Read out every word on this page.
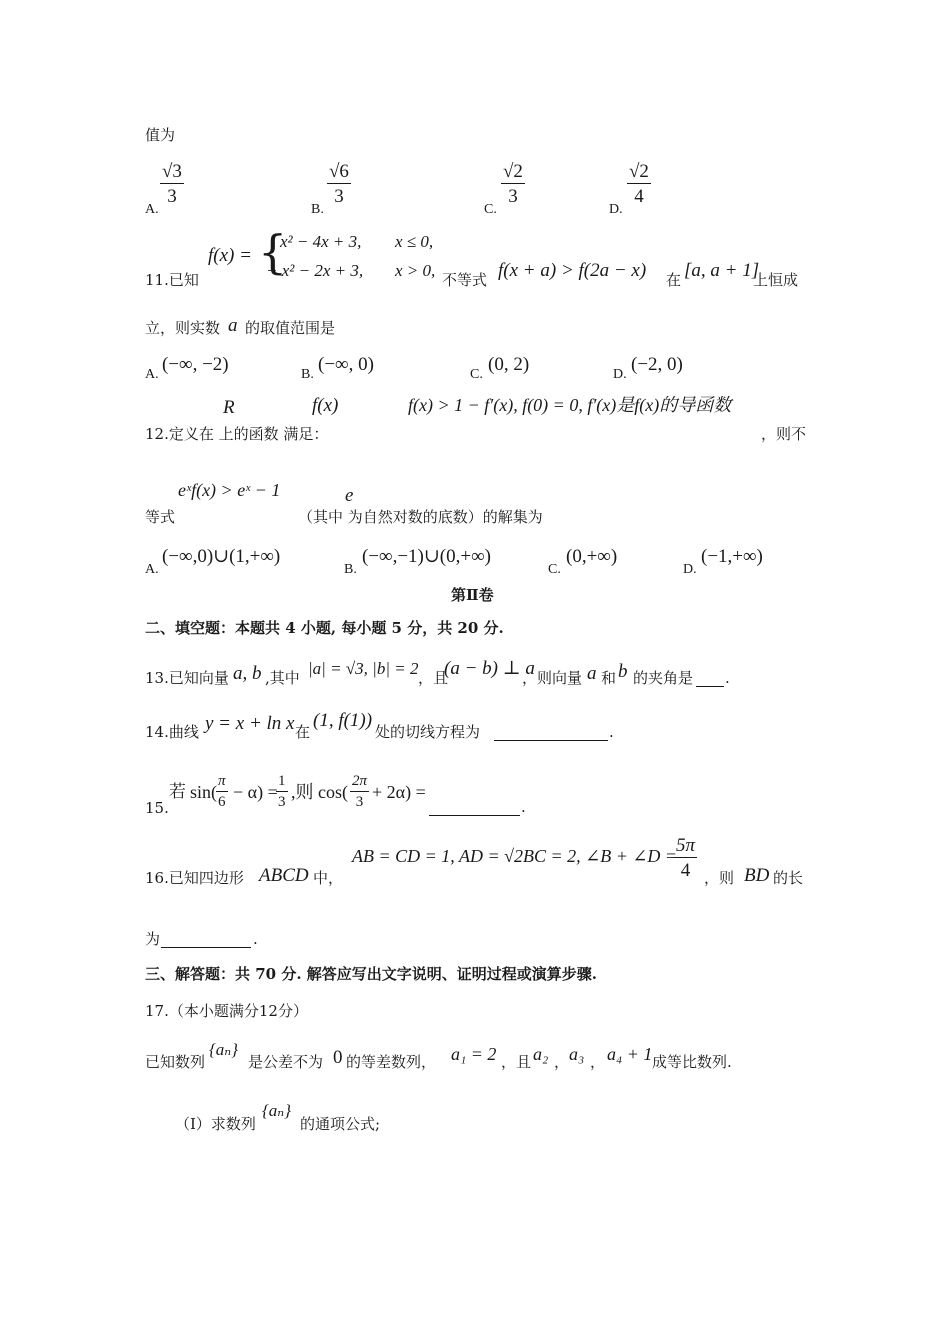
值为
A.
$\frac{√3}{3}$
B.
$\frac{√6}{3}$
C.
$\frac{√2}{3}$
D.
$\frac{√2}{4}$
f(x) = {
x² − 4x + 3, x ≤ 0,
− x² − 2x + 3, x > 0,
11.已知	不等式 f(x + a) > f(2a − x) 在 [a, a + 1]
上恒成
立，则实数 a 的取值范围是
A. (−∞, −2)	B. (−∞, 0)	C. (0, 2)	D. (−2, 0)
R	f(x)	f(x) > 1 − f′(x), f(0) = 0, f′(x)是f(x)的导函数
12.定义在 上的函数 满足：	，则不
eˣf(x) > eˣ − 1	e
等式	（其中 为自然对数的底数）的解集为
A.
(−∞,0)∪(1,+∞)
B.
(−∞,−1)∪(0,+∞)
C.
(0,+∞)
D.
(−1,+∞)
第Ⅱ卷
二、填空题：本题共 4 小题, 每小题 5 分，共 20 分.
13.已知向量 a, b ,其中 |a| = √3, |b| = 2 ，且
(a − b) ⊥ a
，则向量 a 和 b 的夹角是 .
14.曲线 y = x + ln x 在
(1, f(1))
处的切线方程为	.
15.
若 $\sin( \frac{\pi}{6} - \alpha)$ =
$\frac{1}{3}$ ,则 $\cos( \frac{2\pi}{3} + 2\alpha)$ =
.
16.已知四边形 ABCD 中，
AB = CD = 1, AD = √2BC = 2, ∠B + ∠D =
$\frac{5\pi}{4}$ ，则 BD 的长
为	.
三、解答题：共 70 分. 解答应写出文字说明、证明过程或演算步骤.
17.（本小题满分12分）
已知数列
{aₙ}
是公差不为 0 的等差数列， a₁ = 2 ，且 a₂ ， a₃ ， a₄ + 1 成等比数列.
（Ⅰ）求数列
{aₙ}
的通项公式;
